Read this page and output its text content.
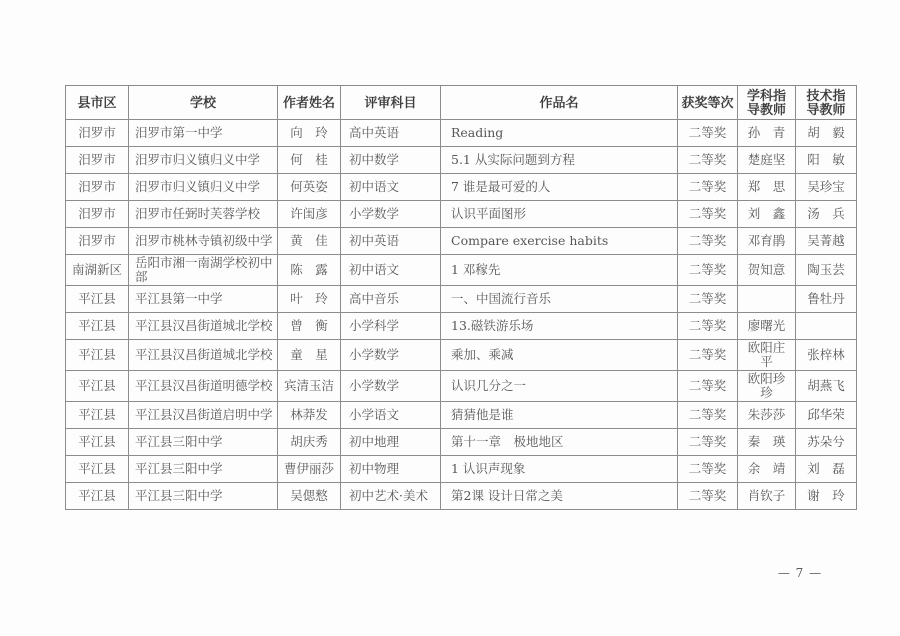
县市区	学校	作者姓名	评审科目	作品名	获奖等次	学科指导教师	技术指导教师
汨罗市	汨罗市第一中学	向　玲	高中英语	Reading	二等奖	孙　青	胡　毅
汨罗市	汨罗市归义镇归义中学	何　桂	初中数学	5.1 从实际问题到方程	二等奖	楚庭坚	阳　敏
汨罗市	汨罗市归义镇归义中学	何英姿	初中语文	7 谁是最可爱的人	二等奖	郑　思	吴珍宝
汨罗市	汨罗市任弼时芙蓉学校	许闺彦	小学数学	认识平面图形	二等奖	刘　鑫	汤　兵
汨罗市	汨罗市桃林寺镇初级中学	黄　佳	初中英语	Compare exercise habits	二等奖	邓育鹃	吴菁越
南湖新区	岳阳市湘一南湖学校初中部	陈　露	初中语文	1 邓稼先	二等奖	贺知意	陶玉芸
平江县	平江县第一中学	叶　玲	高中音乐	一、中国流行音乐	二等奖		鲁牡丹
平江县	平江县汉昌街道城北学校	曾　衡	小学科学	13.磁铁游乐场	二等奖	廖曙光	
平江县	平江县汉昌街道城北学校	童　星	小学数学	乘加、乘减	二等奖	欧阳庄平	张梓林
平江县	平江县汉昌街道明德学校	宾清玉洁	小学数学	认识几分之一	二等奖	欧阳珍珍	胡燕飞
平江县	平江县汉昌街道启明中学	林莽发	小学语文	猜猜他是谁	二等奖	朱莎莎	邱华荣
平江县	平江县三阳中学	胡庆秀	初中地理	第十一章　极地地区	二等奖	秦　瑛	苏朵兮
平江县	平江县三阳中学	曹伊丽莎	初中物理	1 认识声现象	二等奖	余　靖	刘　磊
平江县	平江县三阳中学	吴偲憗	初中艺术·美术	第2课 设计日常之美	二等奖	肖钦子	谢　玲
— 7 —
